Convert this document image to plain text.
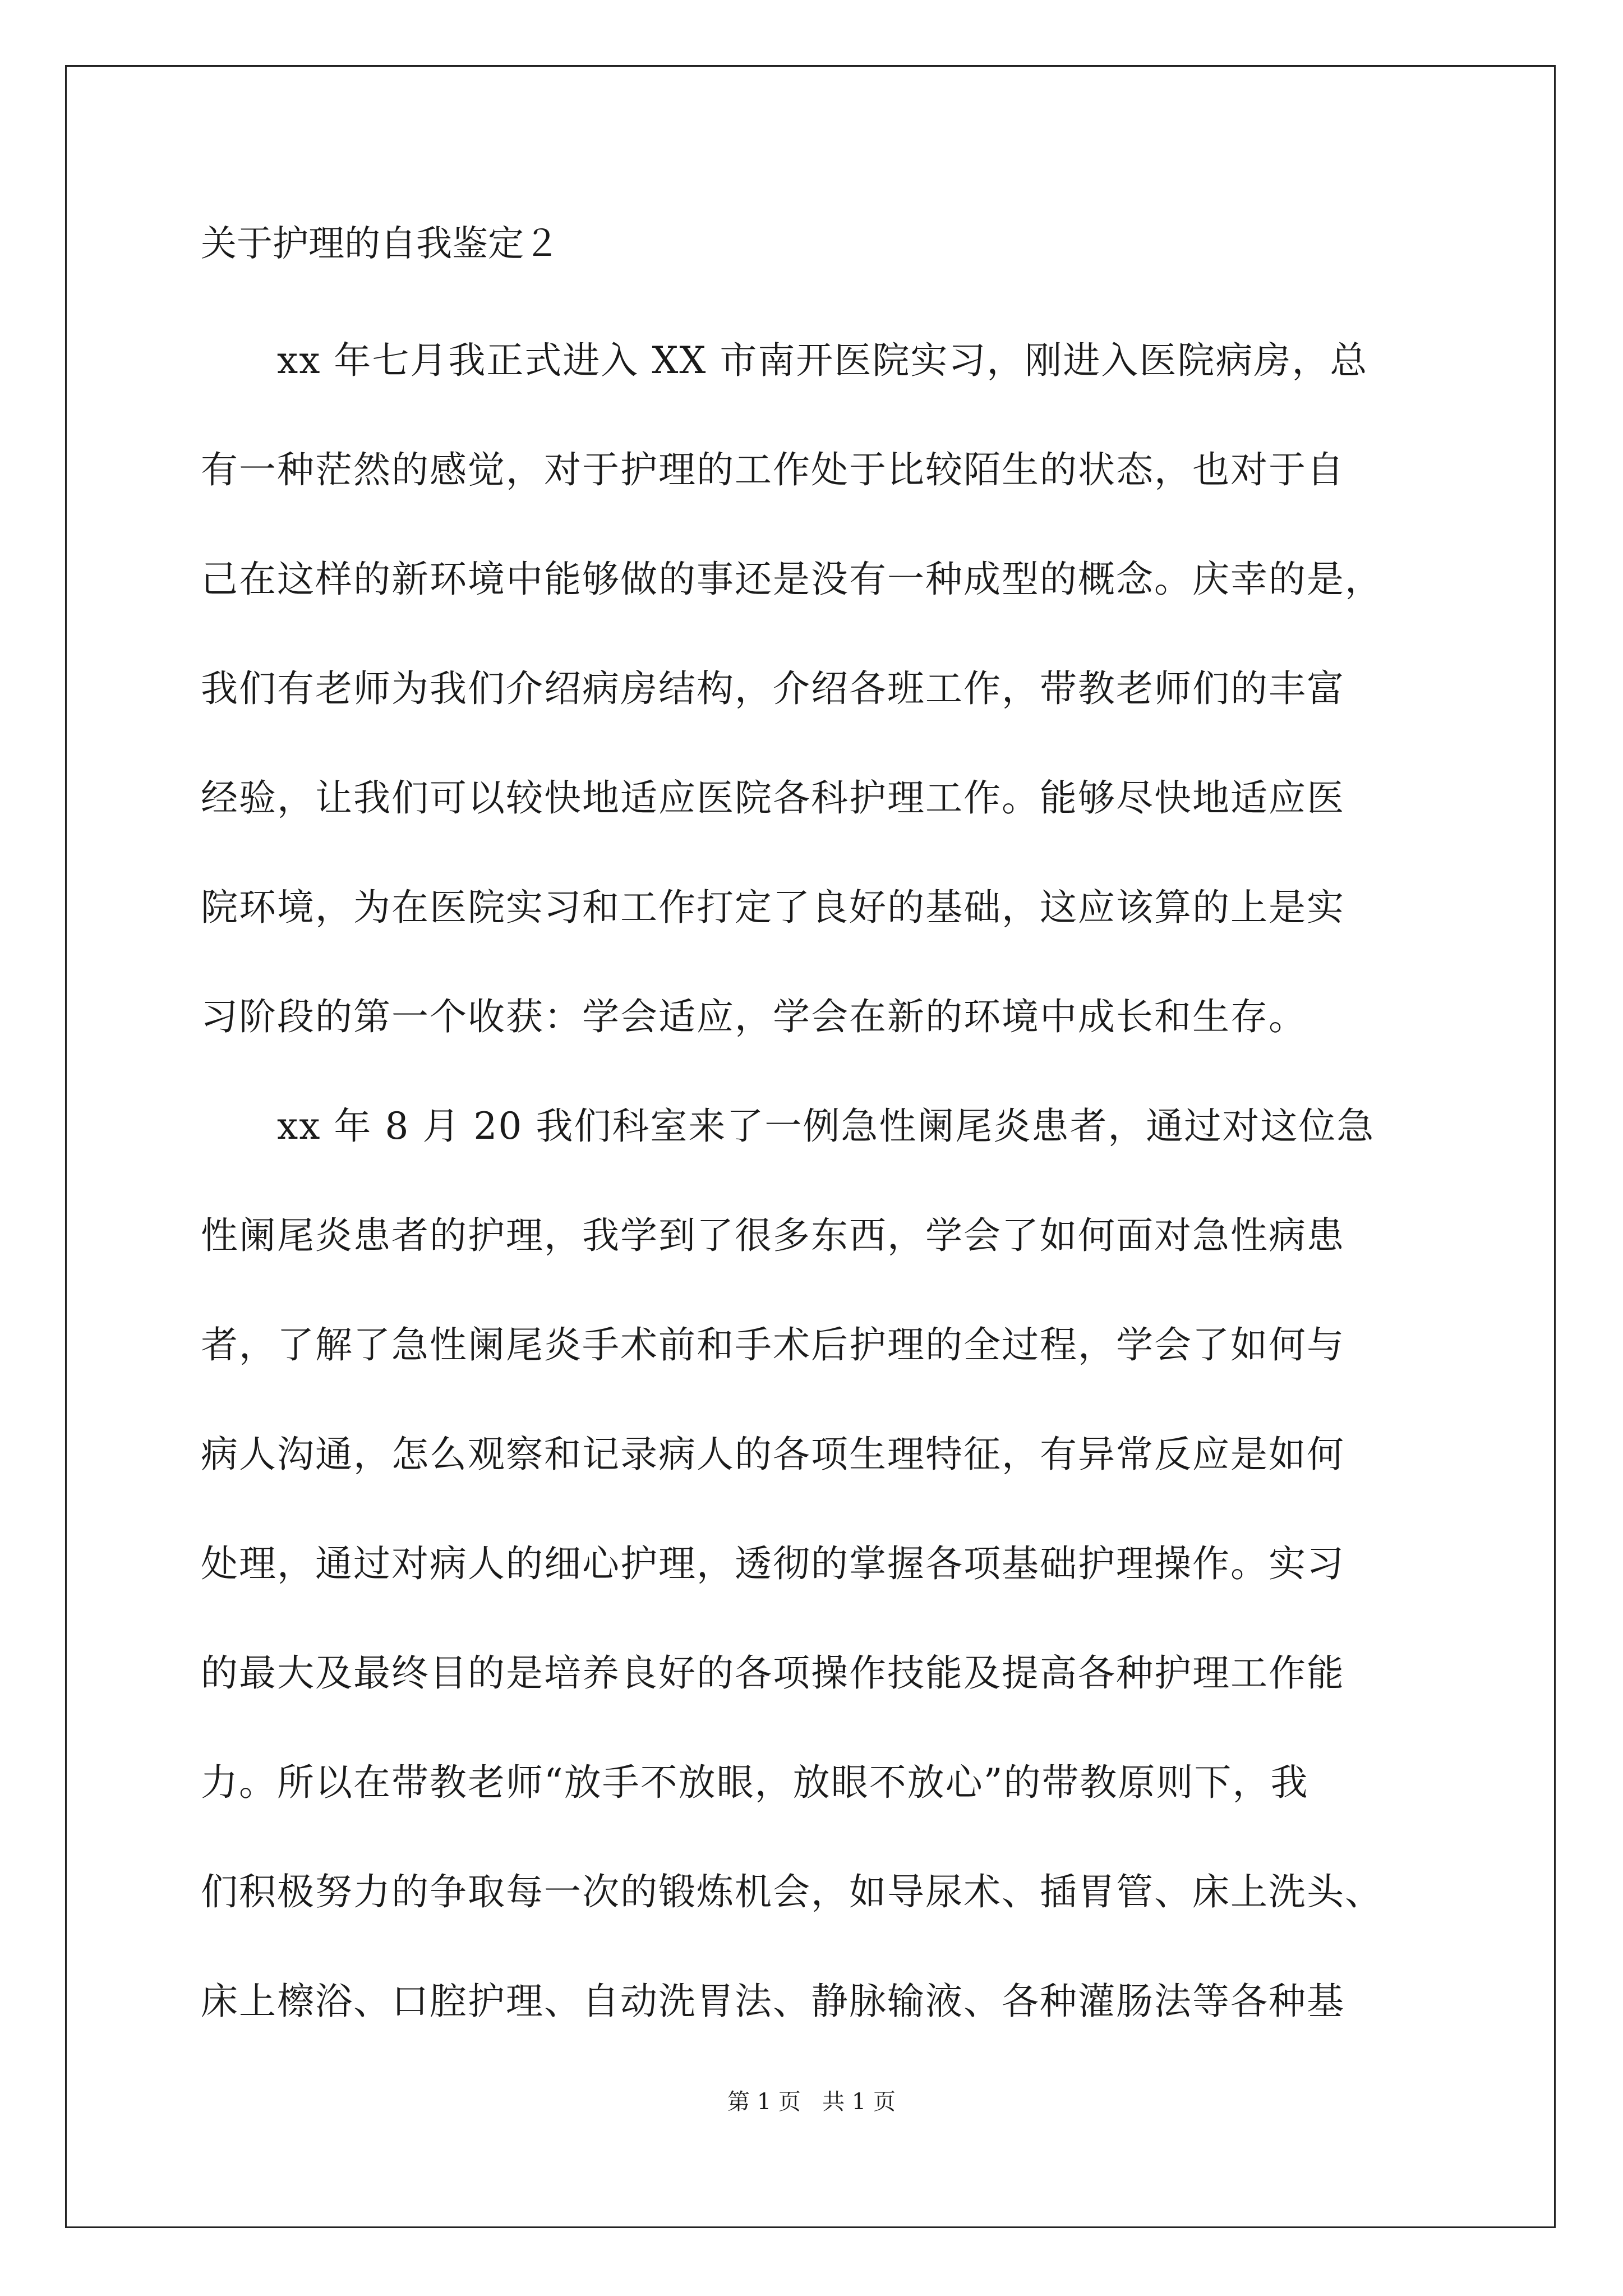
关于护理的自我鉴定２

　　xx 年七月我正式进入 XX 市南开医院实习，刚进入医院病房，总

有一种茫然的感觉，对于护理的工作处于比较陌生的状态，也对于自

己在这样的新环境中能够做的事还是没有一种成型的概念。庆幸的是，

我们有老师为我们介绍病房结构，介绍各班工作，带教老师们的丰富

经验，让我们可以较快地适应医院各科护理工作。能够尽快地适应医

院环境，为在医院实习和工作打定了良好的基础，这应该算的上是实

习阶段的第一个收获：学会适应，学会在新的环境中成长和生存。

　　xx 年 8 月 20 我们科室来了一例急性阑尾炎患者，通过对这位急

性阑尾炎患者的护理，我学到了很多东西，学会了如何面对急性病患

者，了解了急性阑尾炎手术前和手术后护理的全过程，学会了如何与

病人沟通，怎么观察和记录病人的各项生理特征，有异常反应是如何

处理，通过对病人的细心护理，透彻的掌握各项基础护理操作。实习

的最大及最终目的是培养良好的各项操作技能及提高各种护理工作能

力。所以在带教老师“放手不放眼，放眼不放心”的带教原则下，我

们积极努力的争取每一次的锻炼机会，如导尿术、插胃管、床上洗头、

床上檫浴、口腔护理、自动洗胃法、静脉输液、各种灌肠法等各种基

第 1 页   共 1 页
